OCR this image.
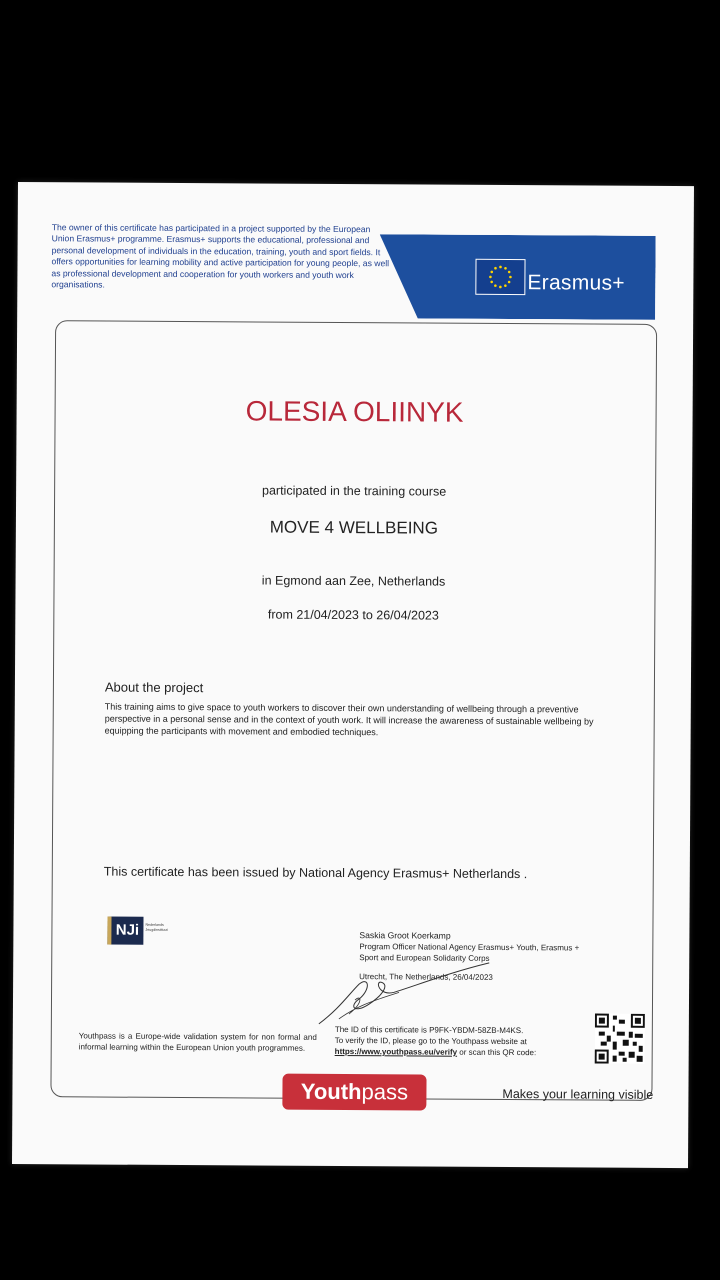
The owner of this certificate has participated in a project supported by the European Union Erasmus+ programme. Erasmus+ supports the educational, professional and personal development of individuals in the education, training, youth and sport fields. It offers opportunities for learning mobility and active participation for young people, as well as professional development and cooperation for youth workers and youth work organisations.	Erasmus+
OLESIA OLIINYK
participated in the training course
MOVE 4 WELLBEING
in Egmond aan Zee, Netherlands
from 21/04/2023 to 26/04/2023
About the project
This training aims to give space to youth workers to discover their own understanding of wellbeing through a preventive perspective in a personal sense and in the context of youth work. It will increase the awareness of sustainable wellbeing by equipping the participants with movement and embodied techniques.
This certificate has been issued by National Agency Erasmus+ Netherlands .
NJi	Nederlands Jeugdinstituut
Saskia Groot Koerkamp
Program Officer National Agency Erasmus+ Youth, Erasmus + Sport and European Solidarity Corps
Utrecht, The Netherlands, 26/04/2023
Youthpass is a Europe-wide validation system for non formal and informal learning within the European Union youth programmes.
The ID of this certificate is P9FK-YBDM-58ZB-M4KS.
To verify the ID, please go to the Youthpass website at
https://www.youthpass.eu/verify or scan this QR code:
Youthpass	Makes your learning visible
